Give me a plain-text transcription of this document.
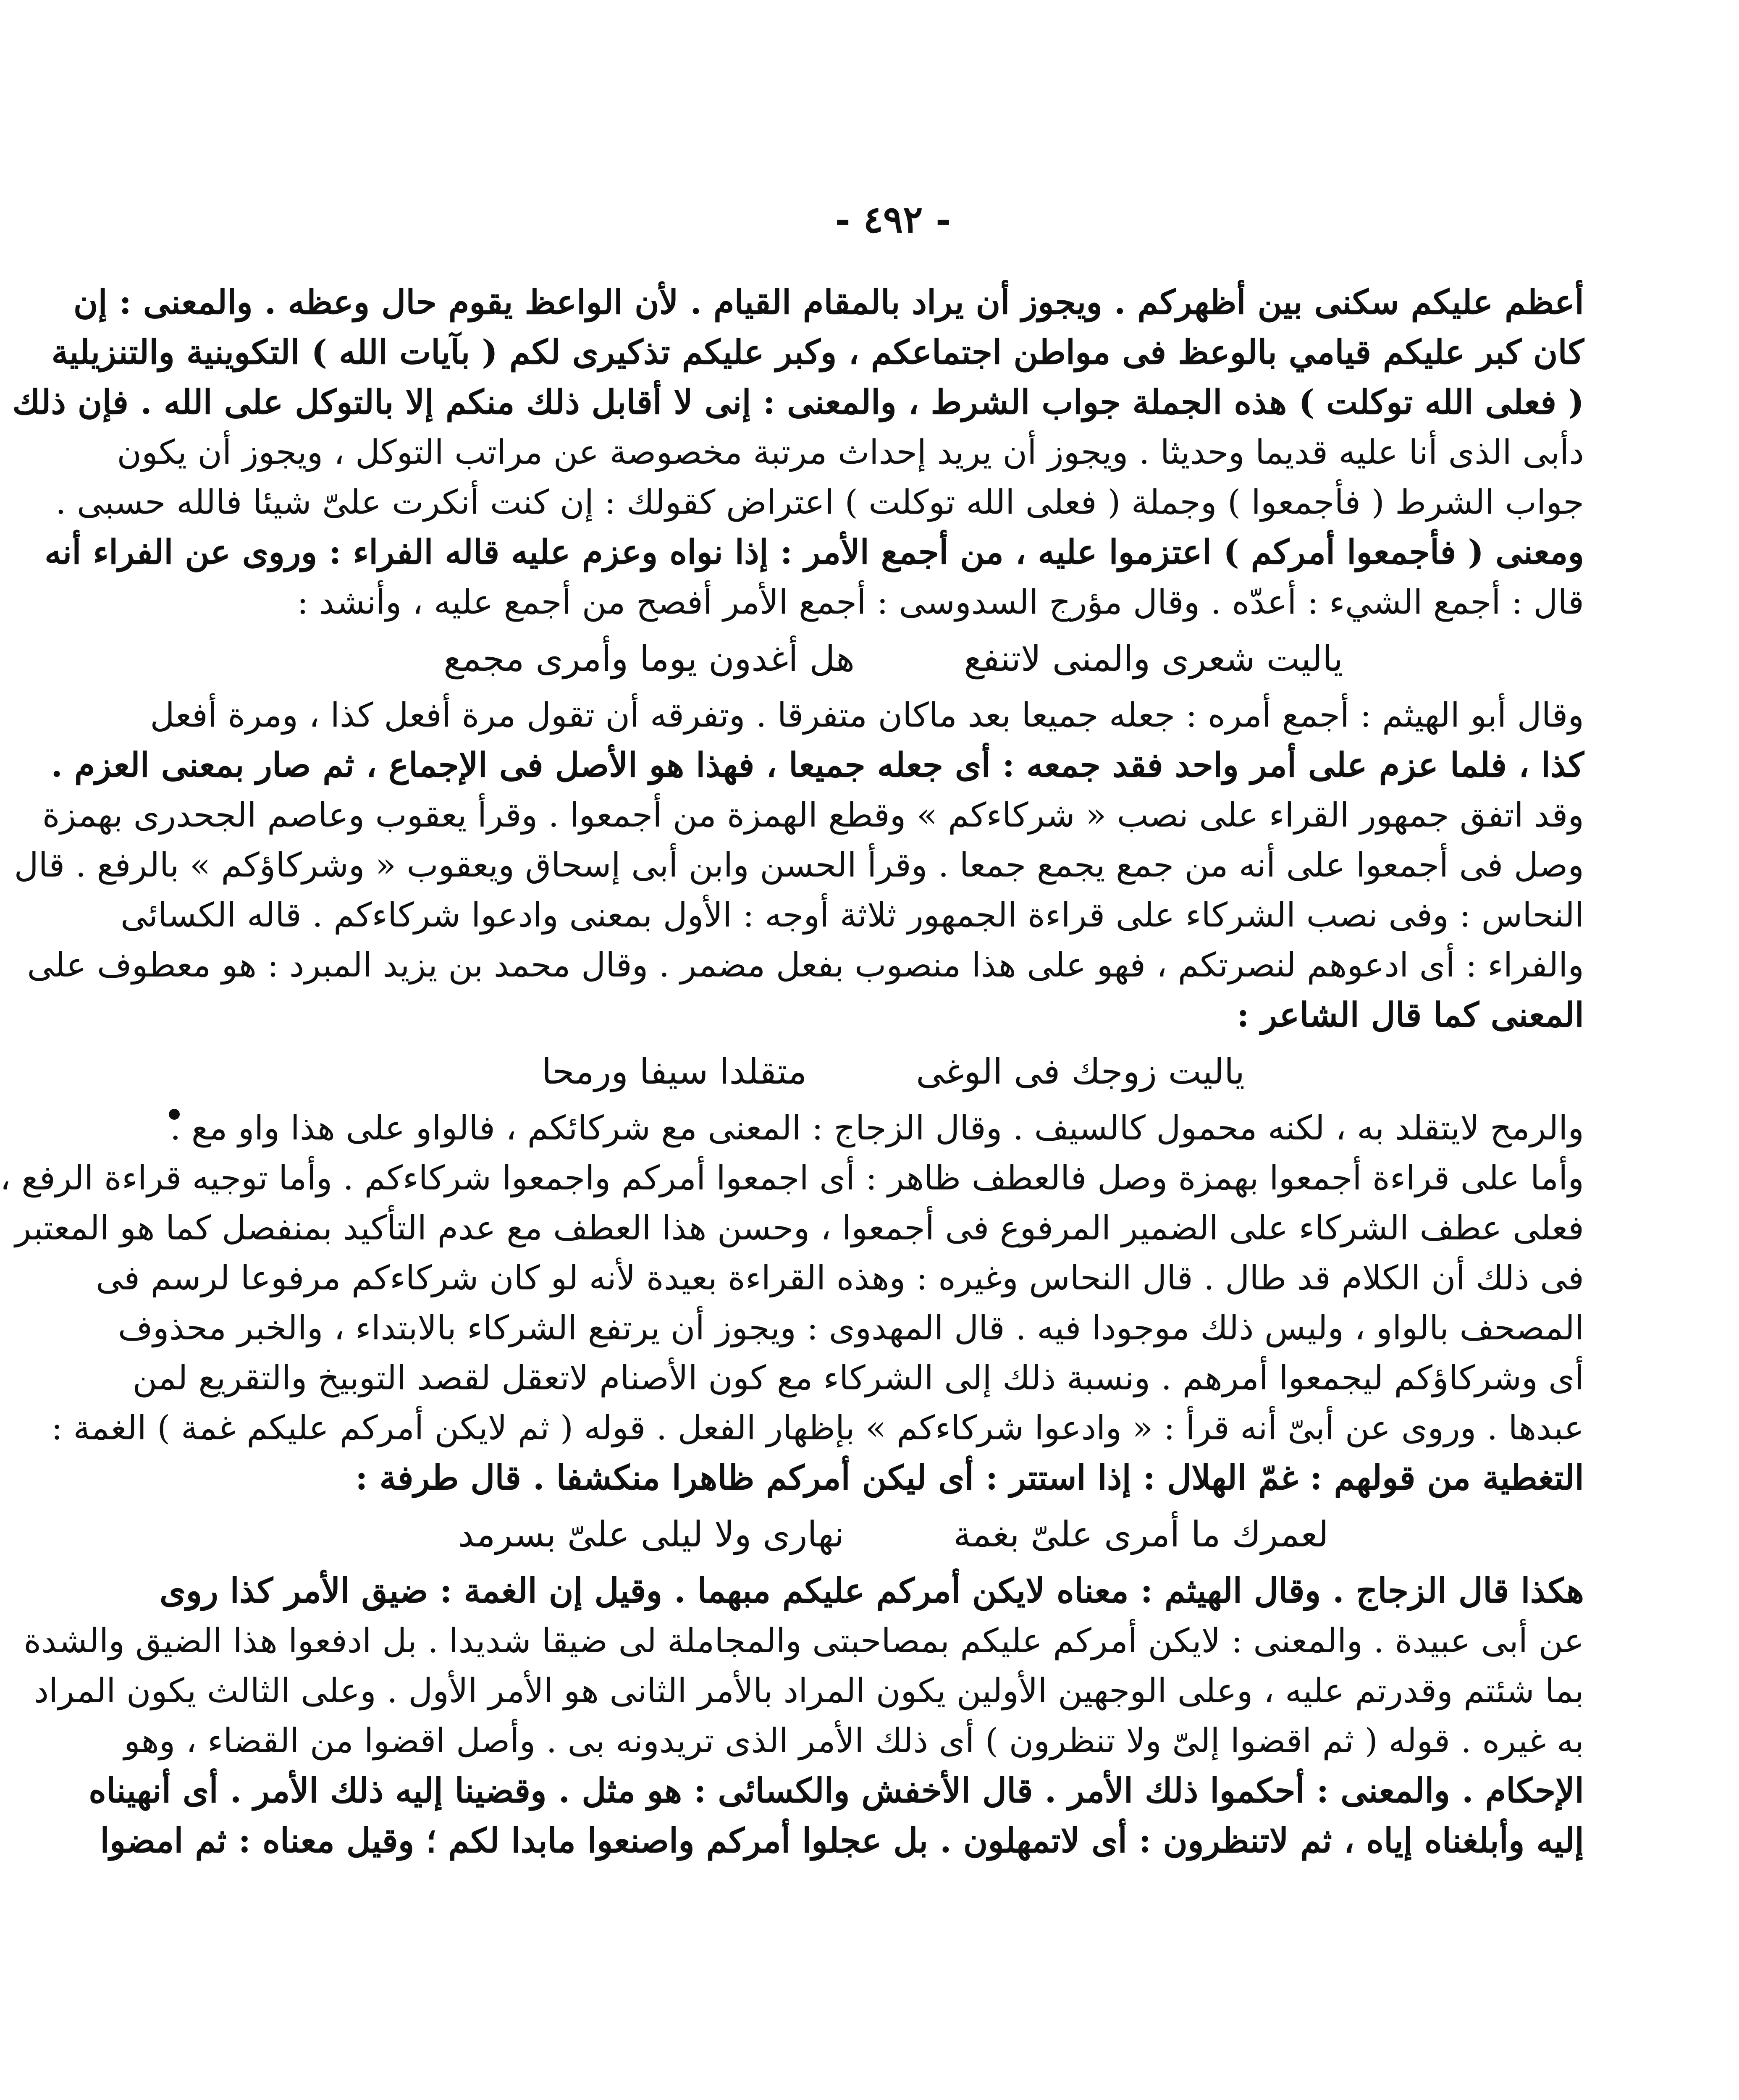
- ٤٩٢ -
أعظم عليكم سكنى بين أظهركم . ويجوز أن يراد بالمقام القيام . لأن الواعظ يقوم حال وعظه . والمعنى : إن
كان كبر عليكم قيامي بالوعظ فى مواطن اجتماعكم ، وكبر عليكم تذكيرى لكم ( بآيات الله ) التكوينية والتنزيلية
( فعلى الله توكلت ) هذه الجملة جواب الشرط ، والمعنى : إنى لا أقابل ذلك منكم إلا بالتوكل على الله . فإن ذلك
دأبى الذى أنا عليه قديما وحديثا . ويجوز أن يريد إحداث مرتبة مخصوصة عن مراتب التوكل ، ويجوز أن يكون
جواب الشرط ( فأجمعوا ) وجملة ( فعلى الله توكلت ) اعتراض كقولك : إن كنت أنكرت علىّ شيئا فالله حسبى .
ومعنى ( فأجمعوا أمركم ) اعتزموا عليه ، من أجمع الأمر : إذا نواه وعزم عليه قاله الفراء : وروى عن الفراء أنه
قال : أجمع الشيء : أعدّه . وقال مؤرج السدوسى : أجمع الأمر أفصح من أجمع عليه ، وأنشد :
ياليت شعرى والمنى لاتنفعهل أغدون يوما وأمرى مجمع
وقال أبو الهيثم : أجمع أمره : جعله جميعا بعد ماكان متفرقا . وتفرقه أن تقول مرة أفعل كذا ، ومرة أفعل
كذا ، فلما عزم على أمر واحد فقد جمعه : أى جعله جميعا ، فهذا هو الأصل فى الإجماع ، ثم صار بمعنى العزم .
وقد اتفق جمهور القراء على نصب « شركاءكم » وقطع الهمزة من أجمعوا . وقرأ يعقوب وعاصم الجحدرى بهمزة
وصل فى أجمعوا على أنه من جمع يجمع جمعا . وقرأ الحسن وابن أبى إسحاق ويعقوب « وشركاؤكم » بالرفع . قال
النحاس : وفى نصب الشركاء على قراءة الجمهور ثلاثة أوجه : الأول بمعنى وادعوا شركاءكم . قاله الكسائى
والفراء : أى ادعوهم لنصرتكم ، فهو على هذا منصوب بفعل مضمر . وقال محمد بن يزيد المبرد : هو معطوف على
المعنى كما قال الشاعر :
ياليت زوجك فى الوغىمتقلدا سيفا ورمحا
والرمح لايتقلد به ، لكنه محمول كالسيف . وقال الزجاج : المعنى مع شركائكم ، فالواو على هذا واو مع .
وأما على قراءة أجمعوا بهمزة وصل فالعطف ظاهر : أى اجمعوا أمركم واجمعوا شركاءكم . وأما توجيه قراءة الرفع ،
فعلى عطف الشركاء على الضمير المرفوع فى أجمعوا ، وحسن هذا العطف مع عدم التأكيد بمنفصل كما هو المعتبر
فى ذلك أن الكلام قد طال . قال النحاس وغيره : وهذه القراءة بعيدة لأنه لو كان شركاءكم مرفوعا لرسم فى
المصحف بالواو ، وليس ذلك موجودا فيه . قال المهدوى : ويجوز أن يرتفع الشركاء بالابتداء ، والخبر محذوف
أى وشركاؤكم ليجمعوا أمرهم . ونسبة ذلك إلى الشركاء مع كون الأصنام لاتعقل لقصد التوبيخ والتقريع لمن
عبدها . وروى عن أبىّ أنه قرأ : « وادعوا شركاءكم » بإظهار الفعل . قوله ( ثم لايكن أمركم عليكم غمة ) الغمة :
التغطية من قولهم : غمّ الهلال : إذا استتر : أى ليكن أمركم ظاهرا منكشفا . قال طرفة :
لعمرك ما أمرى علىّ بغمةنهارى ولا ليلى علىّ بسرمد
هكذا قال الزجاج . وقال الهيثم : معناه لايكن أمركم عليكم مبهما . وقيل إن الغمة : ضيق الأمر كذا روى
عن أبى عبيدة . والمعنى : لايكن أمركم عليكم بمصاحبتى والمجاملة لى ضيقا شديدا . بل ادفعوا هذا الضيق والشدة
بما شئتم وقدرتم عليه ، وعلى الوجهين الأولين يكون المراد بالأمر الثانى هو الأمر الأول . وعلى الثالث يكون المراد
به غيره . قوله ( ثم اقضوا إلىّ ولا تنظرون ) أى ذلك الأمر الذى تريدونه بى . وأصل اقضوا من القضاء ، وهو
الإحكام . والمعنى : أحكموا ذلك الأمر . قال الأخفش والكسائى : هو مثل . وقضينا إليه ذلك الأمر . أى أنهيناه
إليه وأبلغناه إياه ، ثم لاتنظرون : أى لاتمهلون . بل عجلوا أمركم واصنعوا مابدا لكم ؛ وقيل معناه : ثم امضوا
